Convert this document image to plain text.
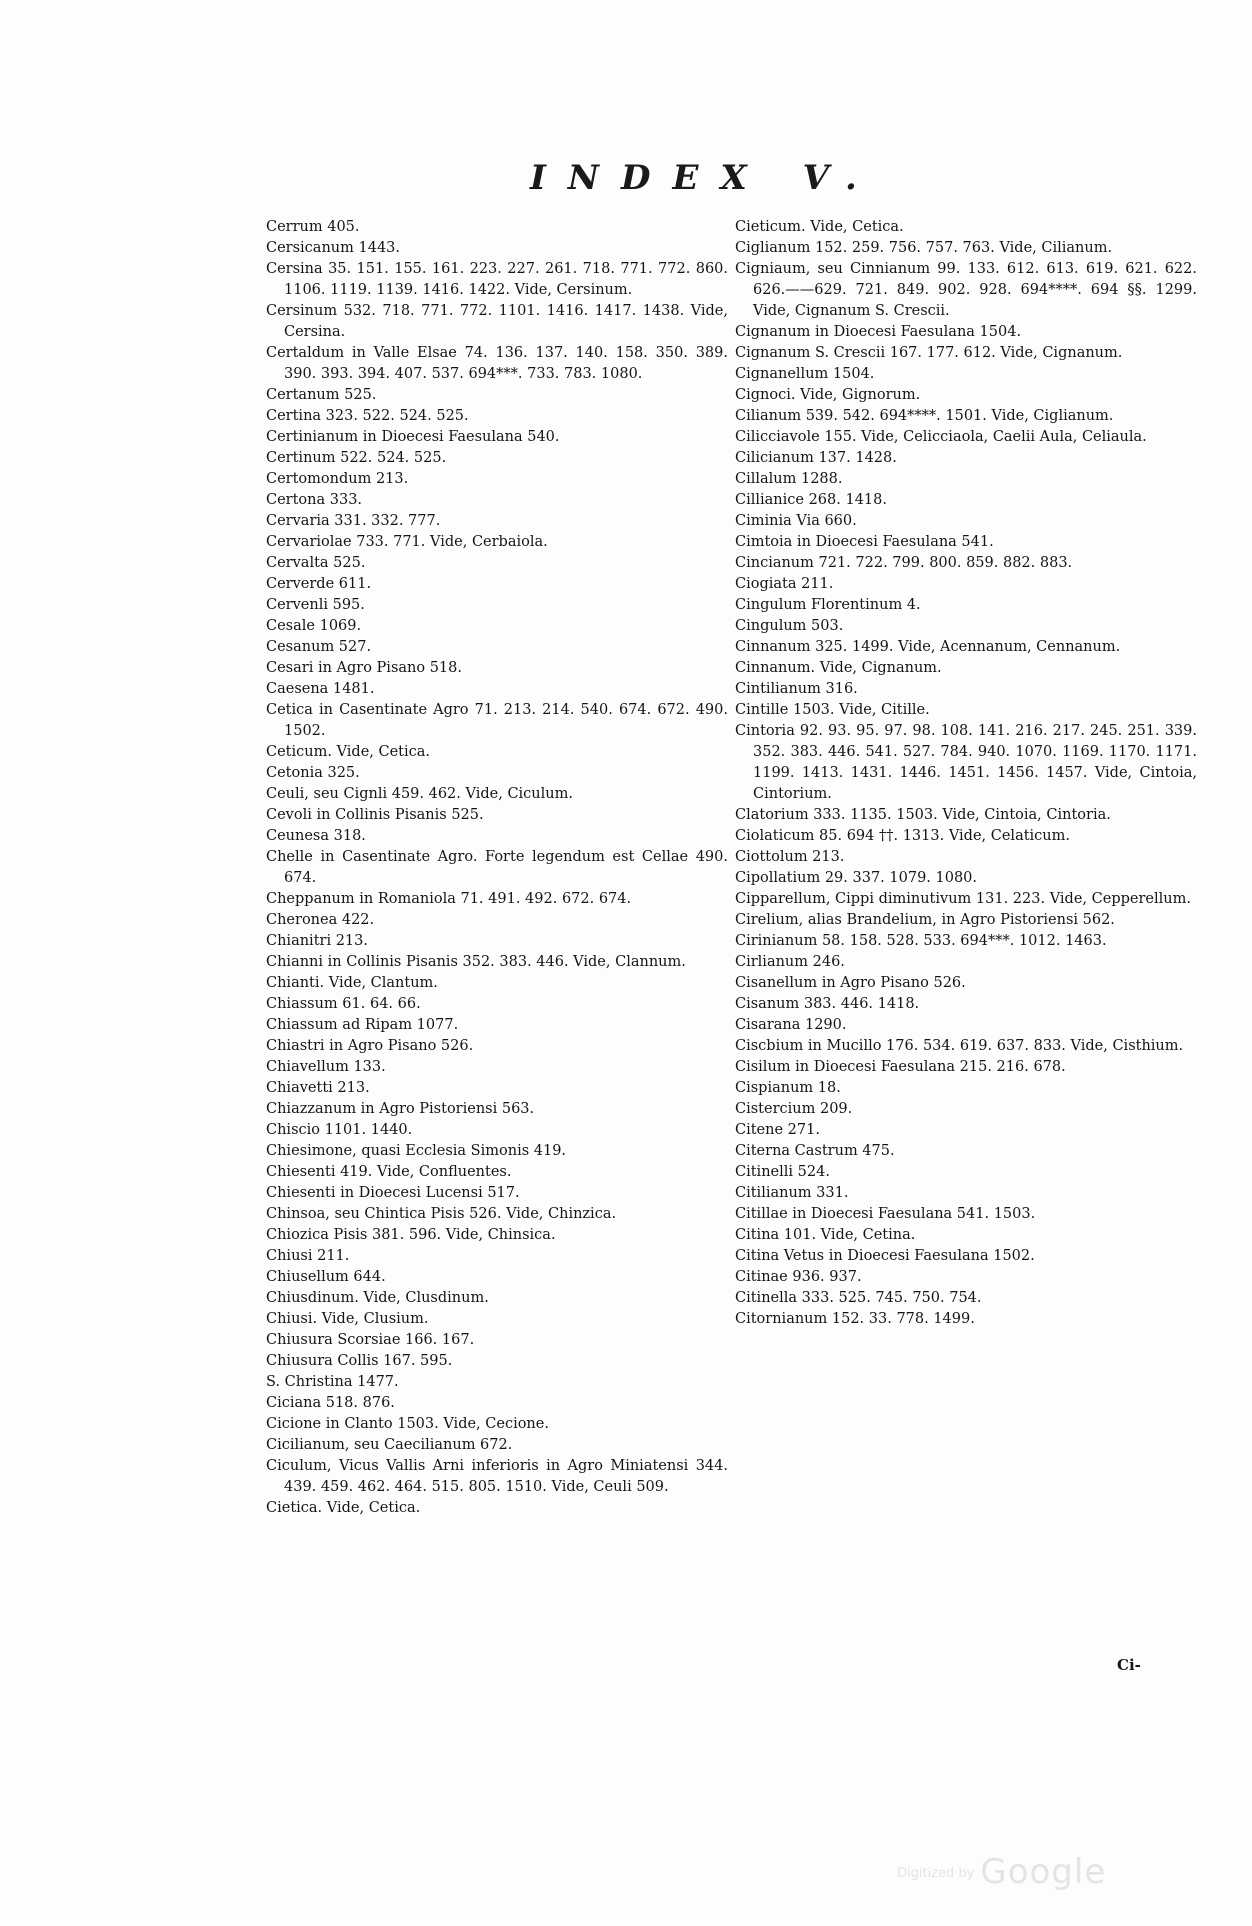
INDEX V.
Cerrum 405.
Cersicanum 1443.
Cersina 35. 151. 155. 161. 223. 227. 261. 718. 771. 772. 860. 1106. 1119. 1139. 1416. 1422. Vide, Cersinum.
Cersinum 532. 718. 771. 772. 1101. 1416. 1417. 1438. Vide, Cersina.
Certaldum in Valle Elsae 74. 136. 137. 140. 158. 350. 389. 390. 393. 394. 407. 537. 694***. 733. 783. 1080.
Certanum 525.
Certina 323. 522. 524. 525.
Certinianum in Dioecesi Faesulana 540.
Certinum 522. 524. 525.
Certomondum 213.
Certona 333.
Cervaria 331. 332. 777.
Cervariolae 733. 771. Vide, Cerbaiola.
Cervalta 525.
Cerverde 611.
Cervenli 595.
Cesale 1069.
Cesanum 527.
Cesari in Agro Pisano 518.
Caesena 1481.
Cetica in Casentinate Agro 71. 213. 214. 540. 674. 672. 490. 1502.
Ceticum. Vide, Cetica.
Cetonia 325.
Ceuli, seu Cignli 459. 462. Vide, Ciculum.
Cevoli in Collinis Pisanis 525.
Ceunesa 318.
Chelle in Casentinate Agro. Forte legendum est Cellae 490. 674.
Cheppanum in Romaniola 71. 491. 492. 672. 674.
Cheronea 422.
Chianitri 213.
Chianni in Collinis Pisanis 352. 383. 446. Vide, Clannum.
Chianti. Vide, Clantum.
Chiassum 61. 64. 66.
Chiassum ad Ripam 1077.
Chiastri in Agro Pisano 526.
Chiavellum 133.
Chiavetti 213.
Chiazzanum in Agro Pistoriensi 563.
Chiscio 1101. 1440.
Chiesimone, quasi Ecclesia Simonis 419.
Chiesenti 419. Vide, Confluentes.
Chiesenti in Dioecesi Lucensi 517.
Chinsoa, seu Chintica Pisis 526. Vide, Chinzica.
Chiozica Pisis 381. 596. Vide, Chinsica.
Chiusi 211.
Chiusellum 644.
Chiusdinum. Vide, Clusdinum.
Chiusi. Vide, Clusium.
Chiusura Scorsiae 166. 167.
Chiusura Collis 167. 595.
S. Christina 1477.
Ciciana 518. 876.
Cicione in Clanto 1503. Vide, Cecione.
Cicilianum, seu Caecilianum 672.
Ciculum, Vicus Vallis Arni inferioris in Agro Miniatensi 344. 439. 459. 462. 464. 515. 805. 1510. Vide, Ceuli 509.
Cietica. Vide, Cetica.
Cieticum. Vide, Cetica.
Ciglianum 152. 259. 756. 757. 763. Vide, Cilianum.
Cigniaum, seu Cinnianum 99. 133. 612. 613. 619. 621. 622. 626.——629. 721. 849. 902. 928. 694****. 694 §§. 1299. Vide, Cignanum S. Crescii.
Cignanum in Dioecesi Faesulana 1504.
Cignanum S. Crescii 167. 177. 612. Vide, Cignanum.
Cignanellum 1504.
Cignoci. Vide, Gignorum.
Cilianum 539. 542. 694****. 1501. Vide, Ciglianum.
Cilicciavole 155. Vide, Celicciaola, Caelii Aula, Celiaula.
Cilicianum 137. 1428.
Cillalum 1288.
Cillianice 268. 1418.
Ciminia Via 660.
Cimtoia in Dioecesi Faesulana 541.
Cincianum 721. 722. 799. 800. 859. 882. 883.
Ciogiata 211.
Cingulum Florentinum 4.
Cingulum 503.
Cinnanum 325. 1499. Vide, Acennanum, Cennanum.
Cinnanum. Vide, Cignanum.
Cintilianum 316.
Cintille 1503. Vide, Citille.
Cintoria 92. 93. 95. 97. 98. 108. 141. 216. 217. 245. 251. 339. 352. 383. 446. 541. 527. 784. 940. 1070. 1169. 1170. 1171. 1199. 1413. 1431. 1446. 1451. 1456. 1457. Vide, Cintoia, Cintorium.
Clatorium 333. 1135. 1503. Vide, Cintoia, Cintoria.
Ciolaticum 85. 694 ††. 1313. Vide, Celaticum.
Ciottolum 213.
Cipollatium 29. 337. 1079. 1080.
Cipparellum, Cippi diminutivum 131. 223. Vide, Cepperellum.
Cirelium, alias Brandelium, in Agro Pistoriensi 562.
Cirinianum 58. 158. 528. 533. 694***. 1012. 1463.
Cirlianum 246.
Cisanellum in Agro Pisano 526.
Cisanum 383. 446. 1418.
Cisarana 1290.
Ciscbium in Mucillo 176. 534. 619. 637. 833. Vide, Cisthium.
Cisilum in Dioecesi Faesulana 215. 216. 678.
Cispianum 18.
Cistercium 209.
Citene 271.
Citerna Castrum 475.
Citinelli 524.
Citilianum 331.
Citillae in Dioecesi Faesulana 541. 1503.
Citina 101. Vide, Cetina.
Citina Vetus in Dioecesi Faesulana 1502.
Citinae 936. 937.
Citinella 333. 525. 745. 750. 754.
Citornianum 152. 33. 778. 1499.
Ci-
Digitized by Google
